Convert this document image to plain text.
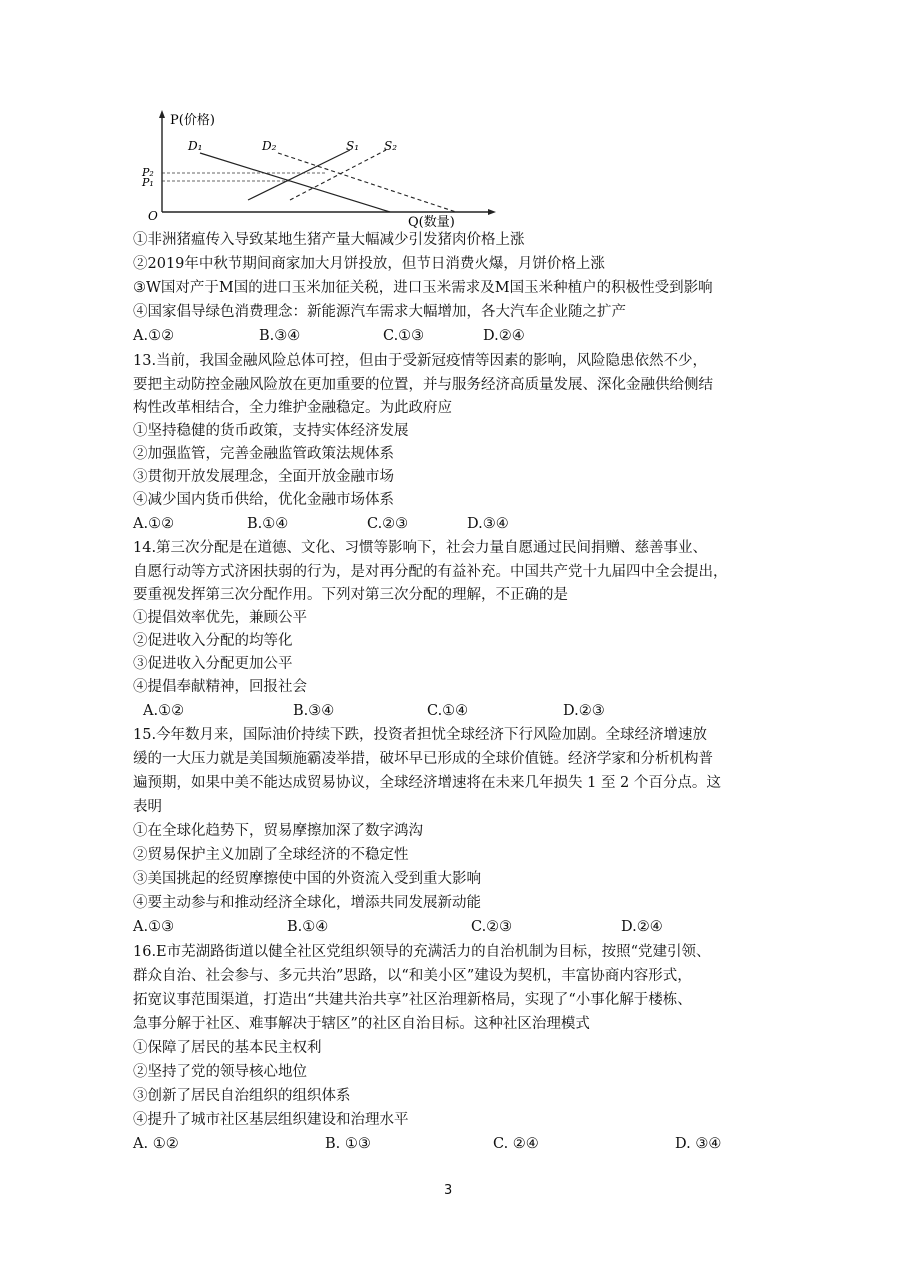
P(价格)
Q(数量)
O
P₂
P₁
D₁	D₂	S₁ S₂
①非洲猪瘟传入导致某地生猪产量大幅减少引发猪肉价格上涨
②2019年中秋节期间商家加大月饼投放，但节日消费火爆，月饼价格上涨
③W国对产于M国的进口玉米加征关税，进口玉米需求及M国玉米种植户的积极性受到影响
④国家倡导绿色消费理念：新能源汽车需求大幅增加，各大汽车企业随之扩产
A.①②	B.③④	C.①③	D.②④
13.当前，我国金融风险总体可控，但由于受新冠疫情等因素的影响，风险隐患依然不少，
要把主动防控金融风险放在更加重要的位置，并与服务经济高质量发展、深化金融供给侧结
构性改革相结合，全力维护金融稳定。为此政府应
①坚持稳健的货币政策，支持实体经济发展
②加强监管，完善金融监管政策法规体系
③贯彻开放发展理念，全面开放金融市场
④减少国内货币供给，优化金融市场体系
A.①②	B.①④	C.②③	D.③④
14.第三次分配是在道德、文化、习惯等影响下，社会力量自愿通过民间捐赠、慈善事业、
自愿行动等方式济困扶弱的行为，是对再分配的有益补充。中国共产党十九届四中全会提出，
要重视发挥第三次分配作用。下列对第三次分配的理解，不正确的是
①提倡效率优先，兼顾公平
②促进收入分配的均等化
③促进收入分配更加公平
④提倡奉献精神，回报社会
A.①②	B.③④	C.①④	D.②③
15.今年数月来，国际油价持续下跌，投资者担忧全球经济下行风险加剧。全球经济增速放
缓的一大压力就是美国频施霸凌举措，破坏早已形成的全球价值链。经济学家和分析机构普
遍预期，如果中美不能达成贸易协议，全球经济增速将在未来几年损失 1 至 2 个百分点。这
表明
①在全球化趋势下，贸易摩擦加深了数字鸿沟
②贸易保护主义加剧了全球经济的不稳定性
③美国挑起的经贸摩擦使中国的外资流入受到重大影响
④要主动参与和推动经济全球化，增添共同发展新动能
A.①③	B.①④	C.②③	D.②④
16.E市芜湖路街道以健全社区党组织领导的充满活力的自治机制为目标，按照“党建引领、
群众自治、社会参与、多元共治”思路，以“和美小区”建设为契机，丰富协商内容形式，
拓宽议事范围渠道，打造出“共建共治共享”社区治理新格局，实现了“小事化解于楼栋、
急事分解于社区、难事解决于辖区”的社区自治目标。这种社区治理模式
①保障了居民的基本民主权利
②坚持了党的领导核心地位
③创新了居民自治组织的组织体系
④提升了城市社区基层组织建设和治理水平
A. ①②	B. ①③	C. ②④	D. ③④
3
